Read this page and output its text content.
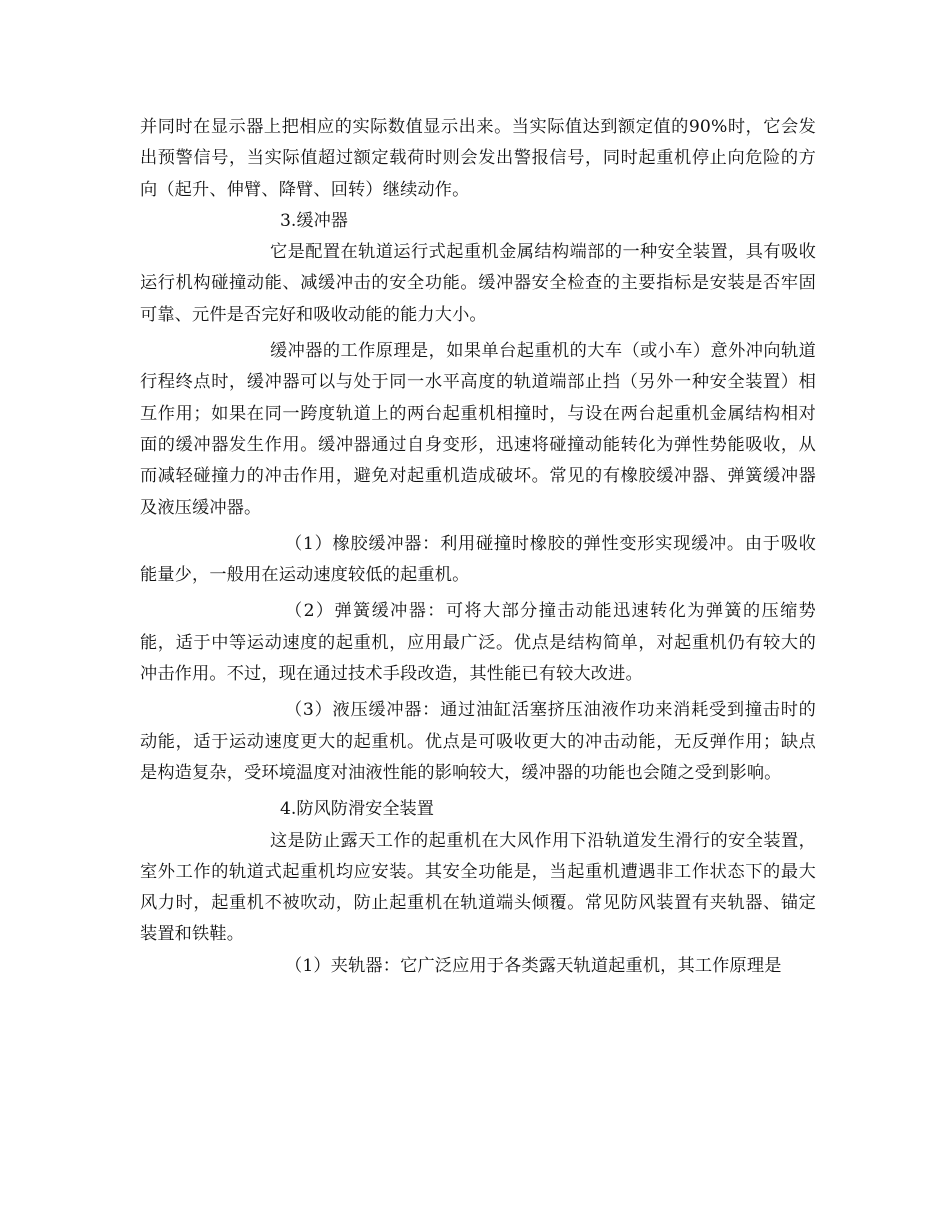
并同时在显示器上把相应的实际数值显示出来。当实际值达到额定值的90%时，它会发出预警信号，当实际值超过额定载荷时则会发出警报信号，同时起重机停止向危险的方向（起升、伸臂、降臂、回转）继续动作。

3.缓冲器

它是配置在轨道运行式起重机金属结构端部的一种安全装置，具有吸收运行机构碰撞动能、减缓冲击的安全功能。缓冲器安全检查的主要指标是安装是否牢固可靠、元件是否完好和吸收动能的能力大小。

缓冲器的工作原理是，如果单台起重机的大车（或小车）意外冲向轨道行程终点时，缓冲器可以与处于同一水平高度的轨道端部止挡（另外一种安全装置）相互作用；如果在同一跨度轨道上的两台起重机相撞时，与设在两台起重机金属结构相对面的缓冲器发生作用。缓冲器通过自身变形，迅速将碰撞动能转化为弹性势能吸收，从而减轻碰撞力的冲击作用，避免对起重机造成破坏。常见的有橡胶缓冲器、弹簧缓冲器及液压缓冲器。

（1）橡胶缓冲器：利用碰撞时橡胶的弹性变形实现缓冲。由于吸收能量少，一般用在运动速度较低的起重机。

（2）弹簧缓冲器：可将大部分撞击动能迅速转化为弹簧的压缩势能，适于中等运动速度的起重机，应用最广泛。优点是结构简单，对起重机仍有较大的冲击作用。不过，现在通过技术手段改造，其性能已有较大改进。

（3）液压缓冲器：通过油缸活塞挤压油液作功来消耗受到撞击时的动能，适于运动速度更大的起重机。优点是可吸收更大的冲击动能，无反弹作用；缺点是构造复杂，受环境温度对油液性能的影响较大，缓冲器的功能也会随之受到影响。

4.防风防滑安全装置

这是防止露天工作的起重机在大风作用下沿轨道发生滑行的安全装置，室外工作的轨道式起重机均应安装。其安全功能是，当起重机遭遇非工作状态下的最大风力时，起重机不被吹动，防止起重机在轨道端头倾覆。常见防风装置有夹轨器、锚定装置和铁鞋。

（1）夹轨器：它广泛应用于各类露天轨道起重机，其工作原理是
